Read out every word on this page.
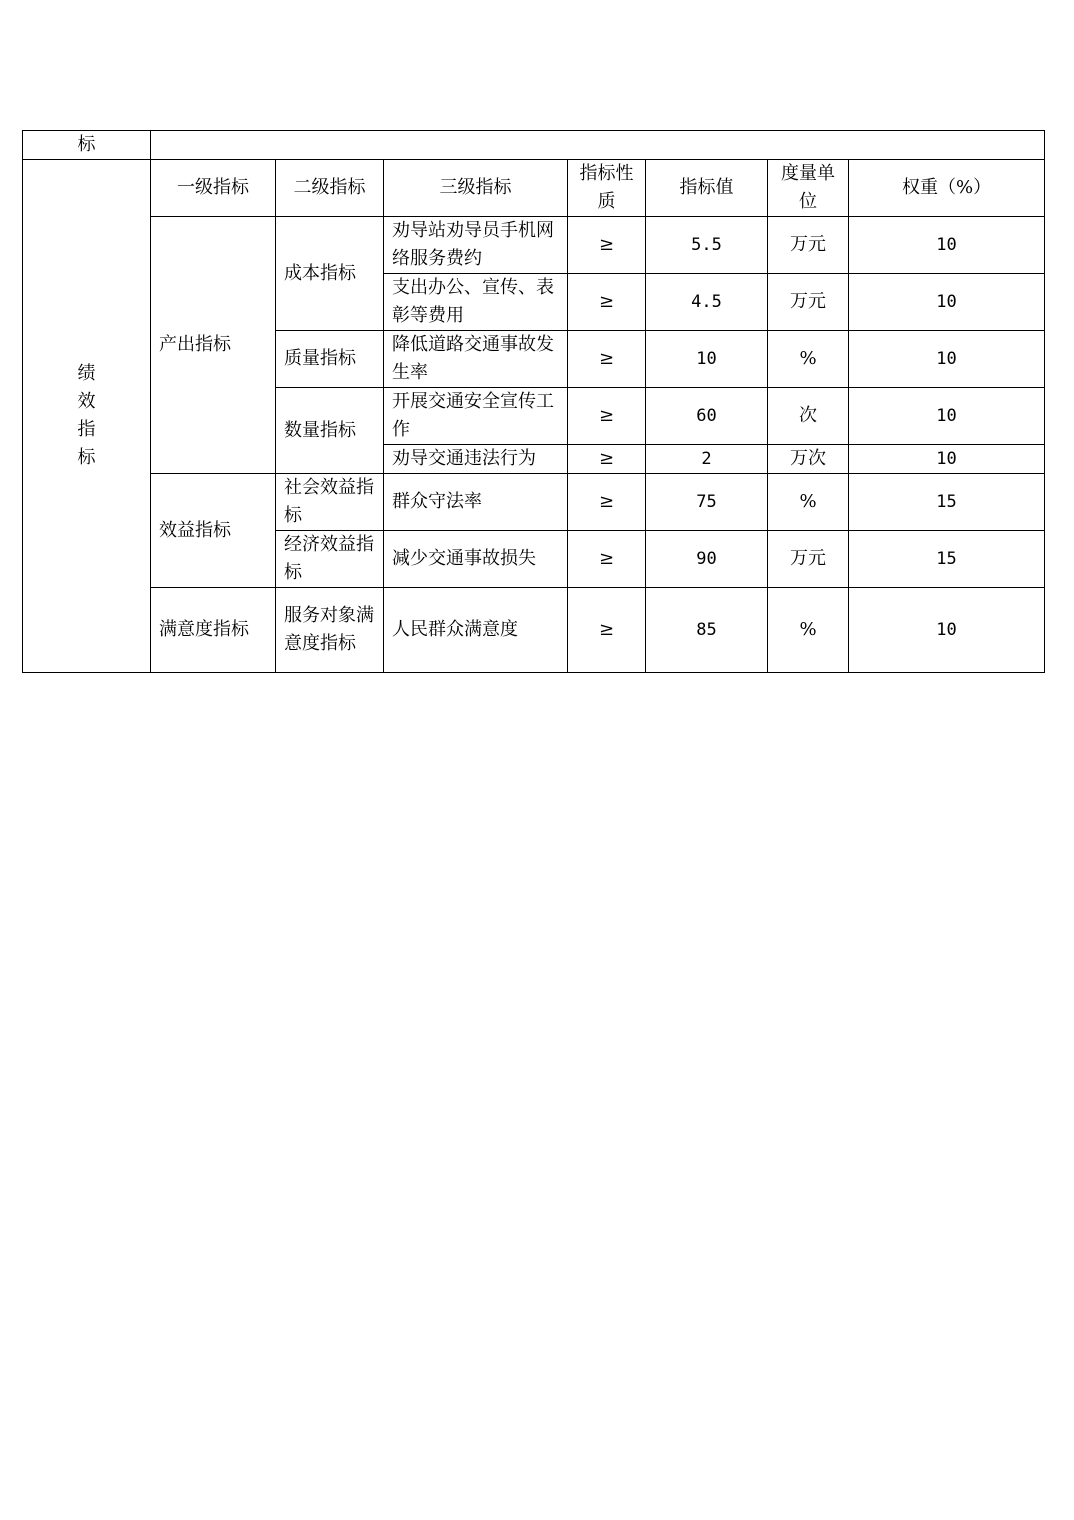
标							

绩
效
指
标	一级指标	二级指标	三级指标	指标性质	指标值	度量单位	权重（%）
	产出指标	成本指标	劝导站劝导员手机网络服务费约	≥	5.5	万元	10
			支出办公、宣传、表彰等费用	≥	4.5	万元	10
		质量指标	降低道路交通事故发生率	≥	10	%	10
		数量指标	开展交通安全宣传工作	≥	60	次	10
			劝导交通违法行为	≥	2	万次	10
	效益指标	社会效益指标	群众守法率	≥	75	%	15
		经济效益指标	减少交通事故损失	≥	90	万元	15
	满意度指标	服务对象满意度指标	人民群众满意度	≥	85	%	10
